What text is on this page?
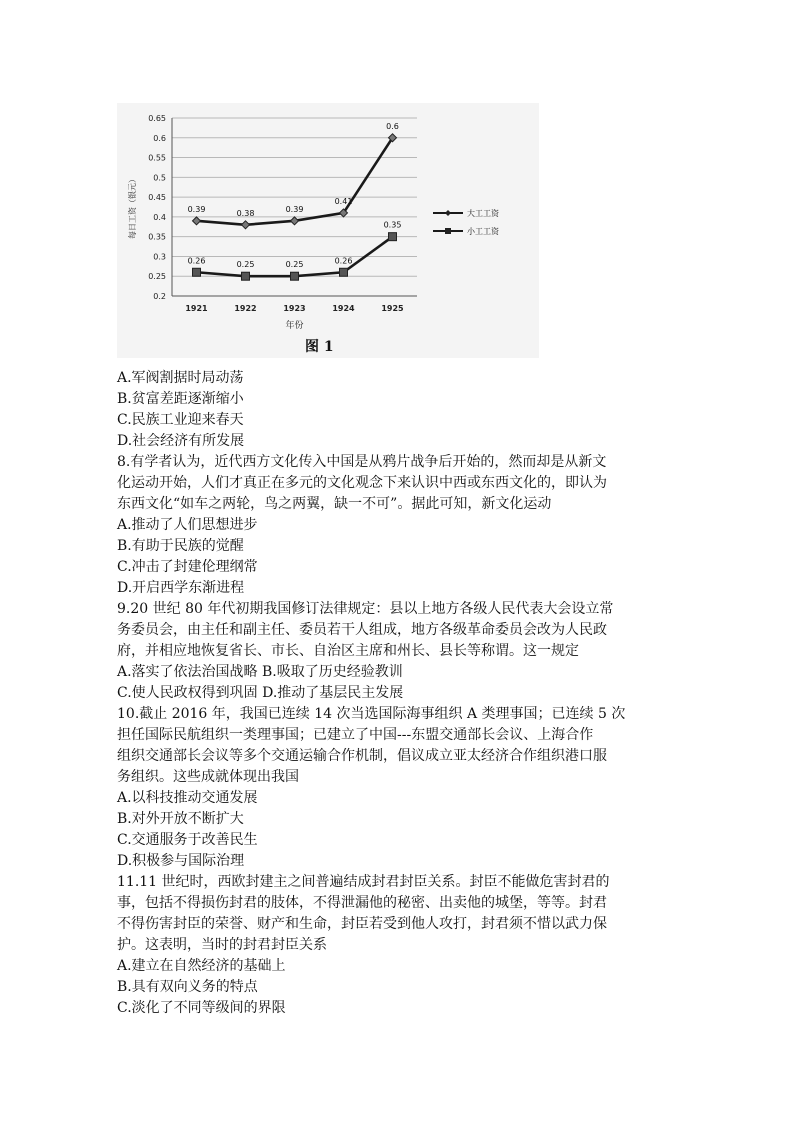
0.2
0.25
0.3
0.35
0.4
0.45
0.5
0.55
0.6
0.65
1921	1922	1923	1924	1925
年份
每日工资（银元）	0.39	0.38	0.39
0.41
0.6
0.26	0.25	0.25	0.26
0.35
大工工资
小工工资
图 1
A.军阀割据时局动荡
B.贫富差距逐渐缩小
C.民族工业迎来春天
D.社会经济有所发展
8.有学者认为，近代西方文化传入中国是从鸦片战争后开始的，然而却是从新文
化运动开始，人们才真正在多元的文化观念下来认识中西或东西文化的，即认为
东西文化“如车之两轮，鸟之两翼，缺一不可”。据此可知，新文化运动
A.推动了人们思想进步
B.有助于民族的觉醒
C.冲击了封建伦理纲常
D.开启西学东渐进程
9.20 世纪 80 年代初期我国修订法律规定：县以上地方各级人民代表大会设立常
务委员会，由主任和副主任、委员若干人组成，地方各级革命委员会改为人民政
府，并相应地恢复省长、市长、自治区主席和州长、县长等称谓。这一规定
A.落实了依法治国战略 B.吸取了历史经验教训
C.使人民政权得到巩固 D.推动了基层民主发展
10.截止 2016 年，我国已连续 14 次当选国际海事组织 A 类理事国；已连续 5 次
担任国际民航组织一类理事国；已建立了中国---东盟交通部长会议、上海合作
组织交通部长会议等多个交通运输合作机制，倡议成立亚太经济合作组织港口服
务组织。这些成就体现出我国
A.以科技推动交通发展
B.对外开放不断扩大
C.交通服务于改善民生
D.积极参与国际治理
11.11 世纪时，西欧封建主之间普遍结成封君封臣关系。封臣不能做危害封君的
事，包括不得损伤封君的肢体，不得泄漏他的秘密、出卖他的城堡，等等。封君
不得伤害封臣的荣誉、财产和生命，封臣若受到他人攻打，封君须不惜以武力保
护。这表明，当时的封君封臣关系
A.建立在自然经济的基础上
B.具有双向义务的特点
C.淡化了不同等级间的界限
